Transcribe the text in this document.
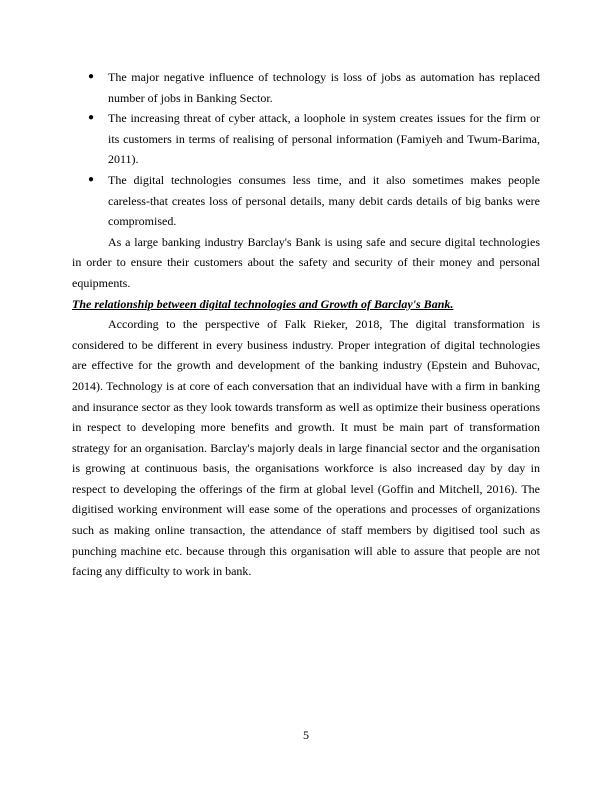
● The major negative influence of technology is loss of jobs as automation has replaced number of jobs in Banking Sector.
● The increasing threat of cyber attack, a loophole in system creates issues for the firm or its customers in terms of realising of personal information (Famiyeh and Twum-Barima, 2011).
● The digital technologies consumes less time, and it also sometimes makes people careless-that creates loss of personal details, many debit cards details of big banks were compromised.

As a large banking industry Barclay's Bank is using safe and secure digital technologies in order to ensure their customers about the safety and security of their money and personal equipments.

The relationship between digital technologies and Growth of Barclay's Bank.

According to the perspective of Falk Rieker, 2018, The digital transformation is considered to be different in every business industry. Proper integration of digital technologies are effective for the growth and development of the banking industry (Epstein and Buhovac, 2014). Technology is at core of each conversation that an individual have with a firm in banking and insurance sector as they look towards transform as well as optimize their business operations in respect to developing more benefits and growth. It must be main part of transformation strategy for an organisation. Barclay's majorly deals in large financial sector and the organisation is growing at continuous basis, the organisations workforce is also increased day by day in respect to developing the offerings of the firm at global level (Goffin and Mitchell, 2016). The digitised working environment will ease some of the operations and processes of organizations such as making online transaction, the attendance of staff members by digitised tool such as punching machine etc. because through this organisation will able to assure that people are not facing any difficulty to work in bank.

5
